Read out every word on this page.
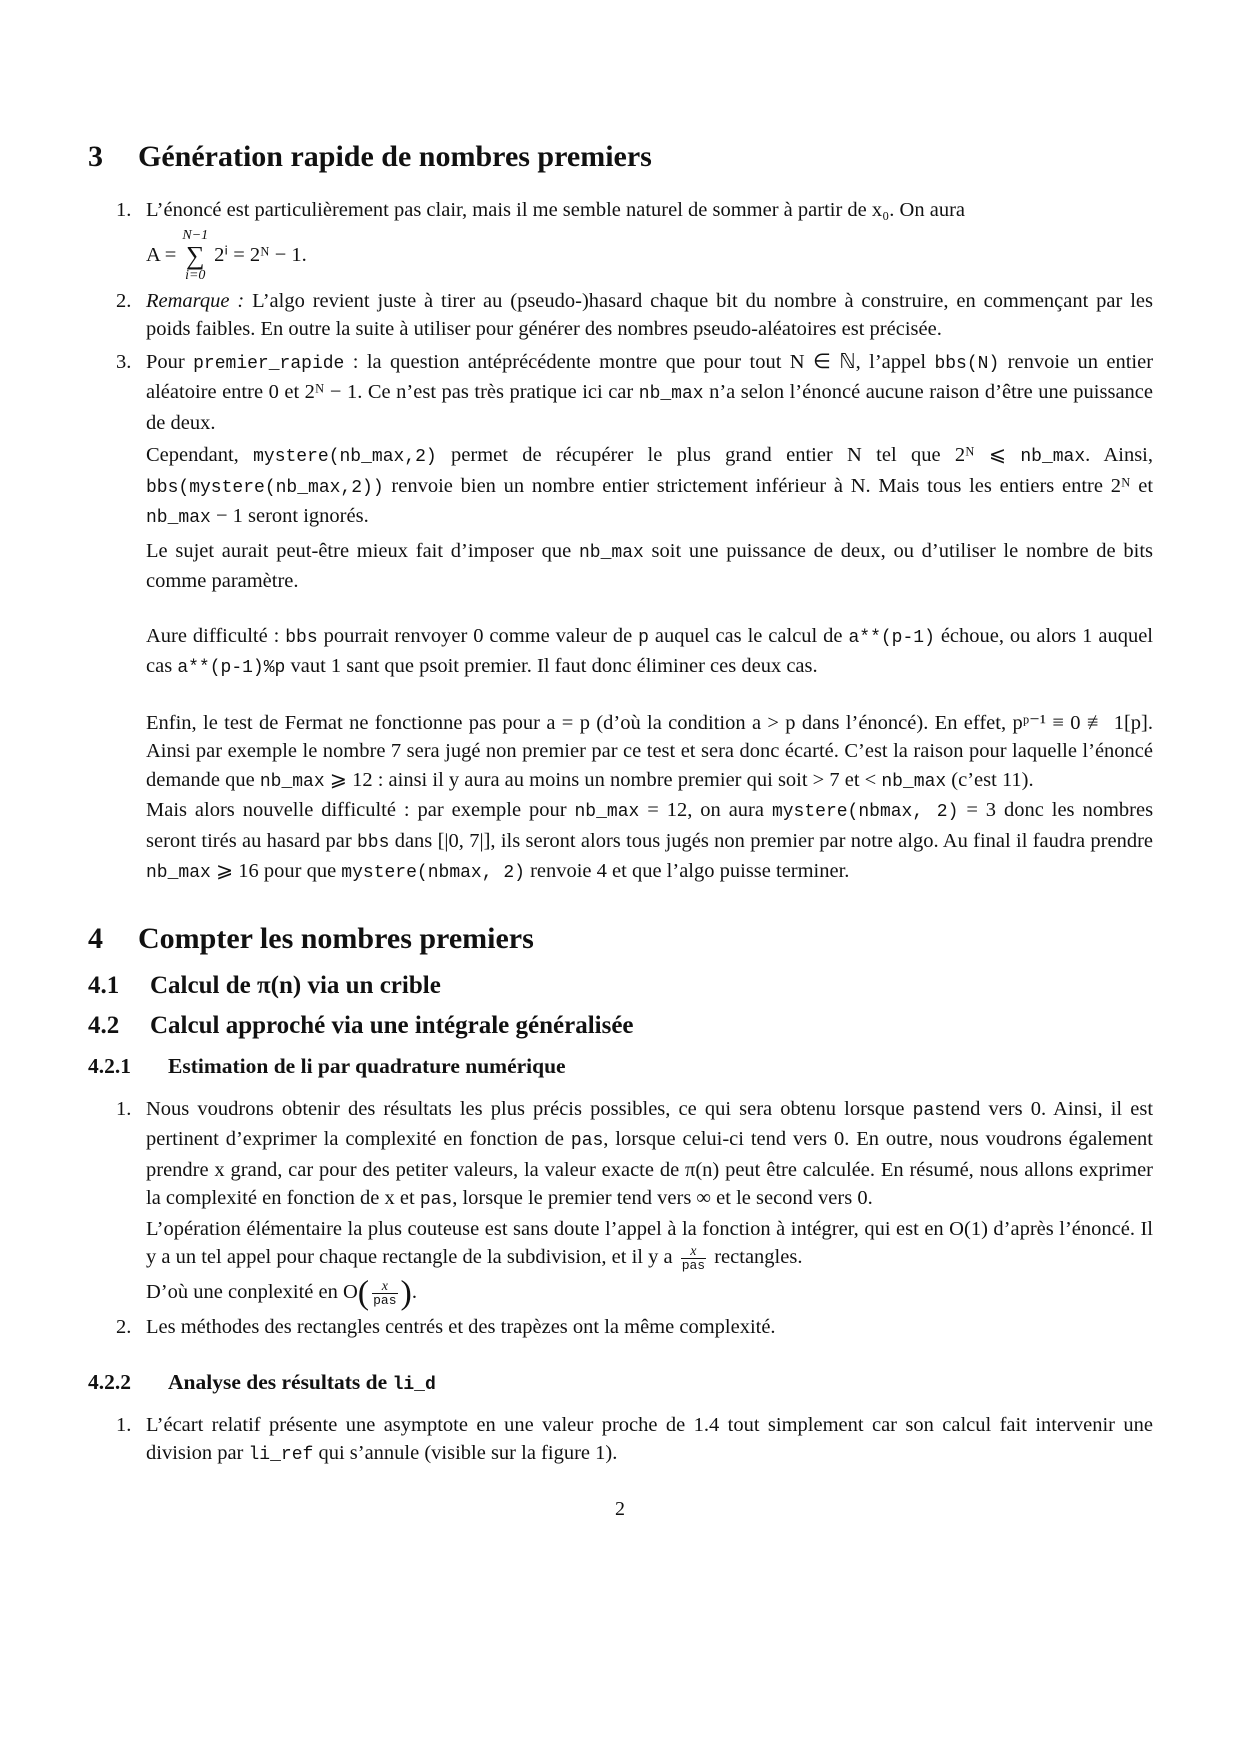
3	Génération rapide de nombres premiers
1. L’énoncé est particulièrement pas clair, mais il me semble naturel de sommer à partir de x₀. On aura

A =
N−1
∑
i=0
2ⁱ = 2ᴺ − 1.
2. Remarque : L’algo revient juste à tirer au (pseudo-)hasard chaque bit du nombre à construire, en commençant par les poids faibles. En outre la suite à utiliser pour générer des nombres pseudo-aléatoires est précisée.

3. Pour premier_rapide : la question antéprécédente montre que pour tout N ∈ ℕ, l’appel bbs(N) renvoie un entier aléatoire entre 0 et 2ᴺ − 1. Ce n’est pas très pratique ici car nb_max n’a selon l’énoncé aucune raison d’être une puissance de deux.

Cependant, mystere(nb_max,2) permet de récupérer le plus grand entier N tel que 2ᴺ ⩽ nb_max. Ainsi, bbs(mystere(nb_max,2)) renvoie bien un nombre entier strictement inférieur à N. Mais tous les entiers entre 2ᴺ et nb_max − 1 seront ignorés.

Le sujet aurait peut-être mieux fait d’imposer que nb_max soit une puissance de deux, ou d’utiliser le nombre de bits comme paramètre.

Aure difficulté : bbs pourrait renvoyer 0 comme valeur de p auquel cas le calcul de a**(p-1) échoue, ou alors 1 auquel cas a**(p-1)%p vaut 1 sant que psoit premier. Il faut donc éliminer ces deux cas.

Enfin, le test de Fermat ne fonctionne pas pour a = p (d’où la condition a > p dans l’énoncé). En effet, pᵖ⁻¹ ≡ 0 ≢ 1[p]. Ainsi par exemple le nombre 7 sera jugé non premier par ce test et sera donc écarté. C’est la raison pour laquelle l’énoncé demande que nb_max ⩾ 12 : ainsi il y aura au moins un nombre premier qui soit > 7 et < nb_max (c’est 11).

Mais alors nouvelle difficulté : par exemple pour nb_max = 12, on aura mystere(nbmax, 2) = 3 donc les nombres seront tirés au hasard par bbs dans [|0, 7|], ils seront alors tous jugés non premier par notre algo. Au final il faudra prendre nb_max ⩾ 16 pour que mystere(nbmax, 2) renvoie 4 et que l’algo puisse terminer.

4	Compter les nombres premiers
4.1	Calcul de π(n) via un crible
4.2	Calcul approché via une intégrale généralisée
4.2.1	Estimation de li par quadrature numérique
1. Nous voudrons obtenir des résultats les plus précis possibles, ce qui sera obtenu lorsque pastend vers 0. Ainsi, il est pertinent d’exprimer la complexité en fonction de pas, lorsque celui-ci tend vers 0. En outre, nous voudrons également prendre x grand, car pour des petiter valeurs, la valeur exacte de π(n) peut être calculée. En résumé, nous allons exprimer la complexité en fonction de x et pas, lorsque le premier tend vers ∞ et le second vers 0.

L’opération élémentaire la plus couteuse est sans doute l’appel à la fonction à intégrer, qui est en O(1) d’après l’énoncé. Il y a un tel appel pour chaque rectangle de la subdivision, et il y a $\frac{x}{\text{pas}}$ rectangles.

D’où une conplexité en $O( \frac{x}{\text{pas}}$ ).

2. Les méthodes des rectangles centrés et des trapèzes ont la même complexité.

4.2.2	Analyse des résultats de li_d
1. L’écart relatif présente une asymptote en une valeur proche de 1.4 tout simplement car son calcul fait intervenir une division par li_ref qui s’annule (visible sur la figure 1).

2
